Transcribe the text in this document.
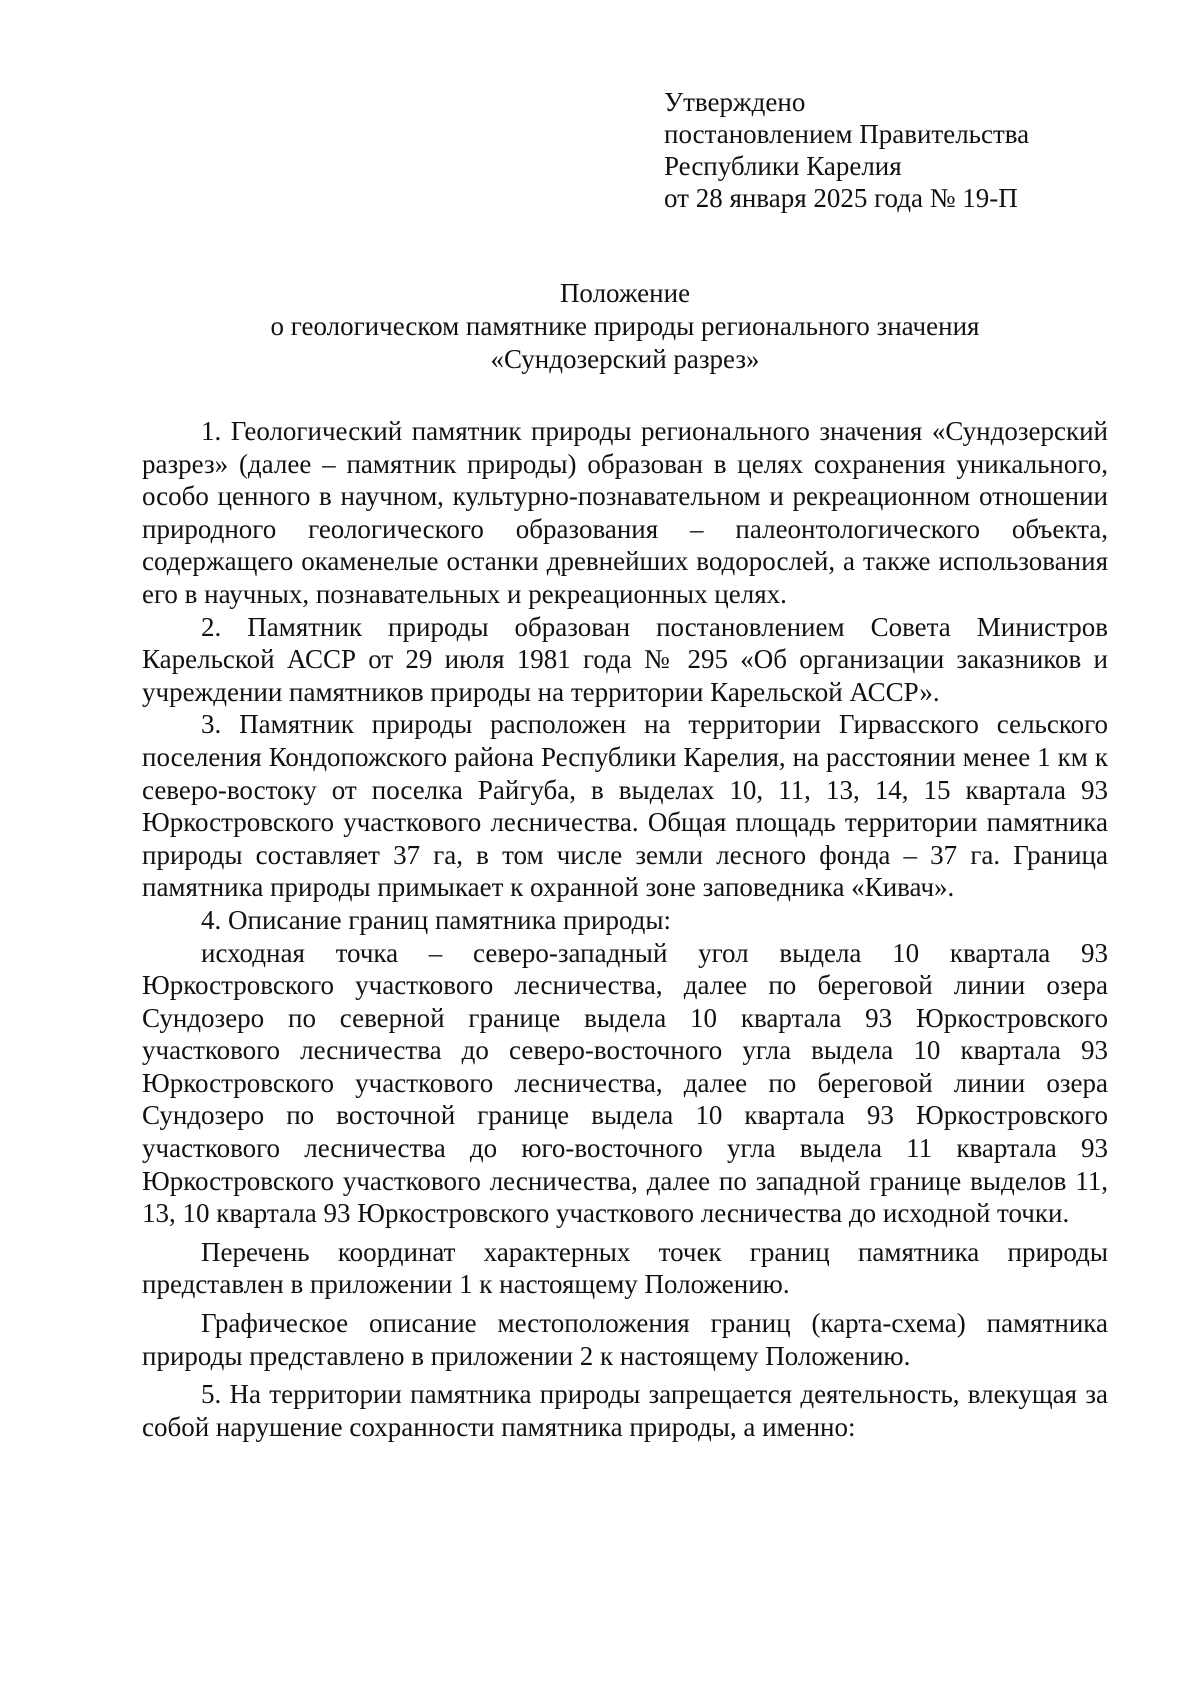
Утверждено
постановлением Правительства
Республики Карелия
от 28 января 2025 года № 19-П
Положение
о геологическом памятнике природы регионального значения
«Сундозерский разрез»

1. Геологический памятник природы регионального значения «Сундозерский разрез» (далее – памятник природы) образован в целях сохранения уникального, особо ценного в научном, культурно-познавательном и рекреационном отношении природного геологического образования – палеонтологического объекта, содержащего окаменелые останки древнейших водорослей, а также использования его в научных, познавательных и рекреационных целях.

2. Памятник природы образован постановлением Совета Министров Карельской АССР от 29 июля 1981 года № 295 «Об организации заказников и учреждении памятников природы на территории Карельской АССР».

3. Памятник природы расположен на территории Гирвасского сельского поселения Кондопожского района Республики Карелия, на расстоянии менее 1 км к северо-востоку от поселка Райгуба, в выделах 10, 11, 13, 14, 15 квартала 93 Юркостровского участкового лесничества. Общая площадь территории памятника природы составляет 37 га, в том числе земли лесного фонда – 37 га. Граница памятника природы примыкает к охранной зоне заповедника «Кивач».

4. Описание границ памятника природы:

исходная точка – северо-западный угол выдела 10 квартала 93 Юркостровского участкового лесничества, далее по береговой линии озера Сундозеро по северной границе выдела 10 квартала 93 Юркостровского участкового лесничества до северо-восточного угла выдела 10 квартала 93 Юркостровского участкового лесничества, далее по береговой линии озера Сундозеро по восточной границе выдела 10 квартала 93 Юркостровского участкового лесничества до юго-восточного угла выдела 11 квартала 93 Юркостровского участкового лесничества, далее по западной границе выделов 11, 13, 10 квартала 93 Юркостровского участкового лесничества до исходной точки.

Перечень координат характерных точек границ памятника природы представлен в приложении 1 к настоящему Положению.

Графическое описание местоположения границ (карта-схема) памятника природы представлено в приложении 2 к настоящему Положению.

5. На территории памятника природы запрещается деятельность, влекущая за собой нарушение сохранности памятника природы, а именно:
